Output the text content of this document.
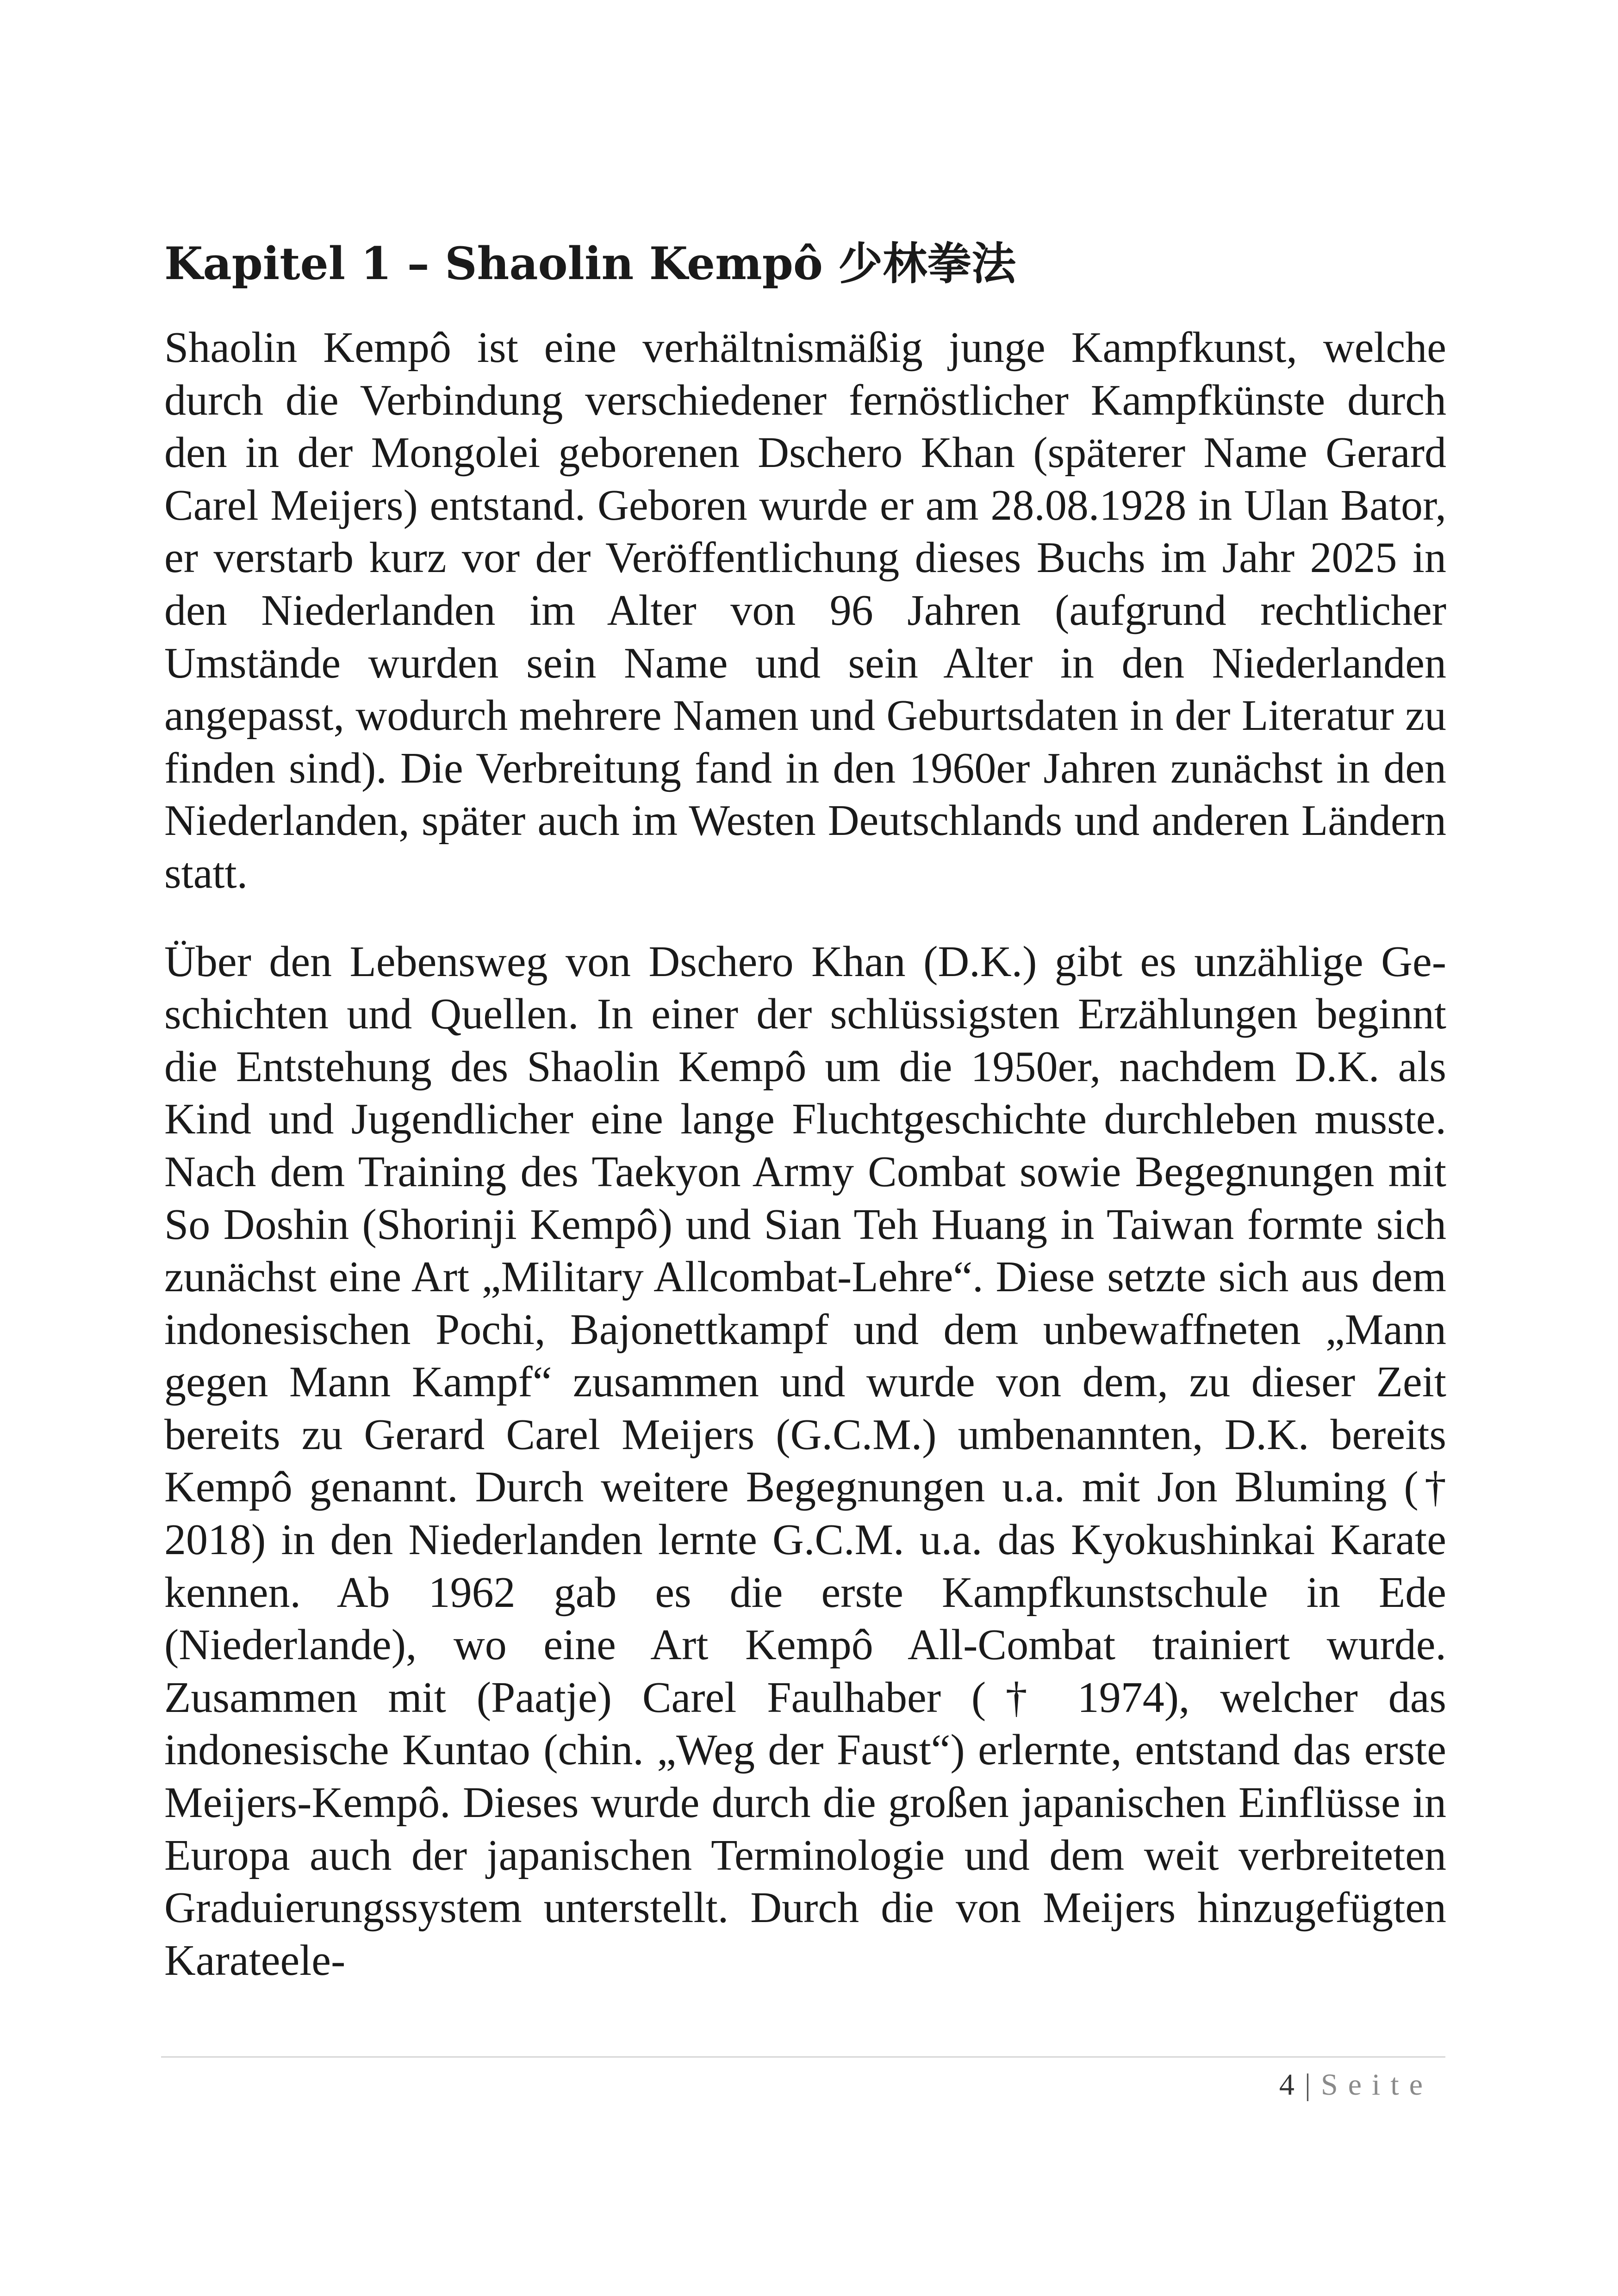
Kapitel 1 – Shaolin Kempô 少林拳法

Shaolin Kempô ist eine verhältnismäßig junge Kampfkunst, welche durch die Verbindung verschiedener fernöstlicher Kampfkünste durch den in der Mongolei geborenen Dschero Khan (späterer Name Gerard Carel Meijers) entstand. Geboren wurde er am 28.08.1928 in Ulan Bator, er verstarb kurz vor der Veröffentlichung dieses Buchs im Jahr 2025 in den Niederlanden im Alter von 96 Jahren (aufgrund rechtlicher Umstände wurden sein Name und sein Alter in den Niederlanden angepasst, wodurch mehrere Namen und Geburtsdaten in der Literatur zu finden sind). Die Verbreitung fand in den 1960er Jahren zunächst in den Niederlanden, später auch im Westen Deutschlands und anderen Ländern statt.

Über den Lebensweg von Dschero Khan (D.K.) gibt es unzählige Geschichten und Quellen. In einer der schlüssigsten Erzählungen beginnt die Entstehung des Shaolin Kempô um die 1950er, nachdem D.K. als Kind und Jugendlicher eine lange Fluchtgeschichte durchleben musste. Nach dem Training des Taekyon Army Combat sowie Begegnungen mit So Doshin (Shorinji Kempô) und Sian Teh Huang in Taiwan formte sich zunächst eine Art „Military Allcombat-Lehre“. Diese setzte sich aus dem indonesischen Pochi, Bajonettkampf und dem unbewaffneten „Mann gegen Mann Kampf“ zusammen und wurde von dem, zu dieser Zeit bereits zu Gerard Carel Meijers (G.C.M.) umbenannten, D.K. bereits Kempô genannt. Durch weitere Begegnungen u.a. mit Jon Bluming († 2018) in den Niederlanden lernte G.C.M. u.a. das Kyokushinkai Karate kennen. Ab 1962 gab es die erste Kampfkunstschule in Ede (Niederlande), wo eine Art Kempô All-Combat trainiert wurde. Zusammen mit (Paatje) Carel Faulhaber († 1974), welcher das indonesische Kuntao (chin. „Weg der Faust“) erlernte, entstand das erste Meijers-Kempô. Dieses wurde durch die großen japanischen Einflüsse in Europa auch der japanischen Terminologie und dem weit verbreiteten Graduierungssystem unterstellt. Durch die von Meijers hinzugefügten Karateele-

4 | Seite
